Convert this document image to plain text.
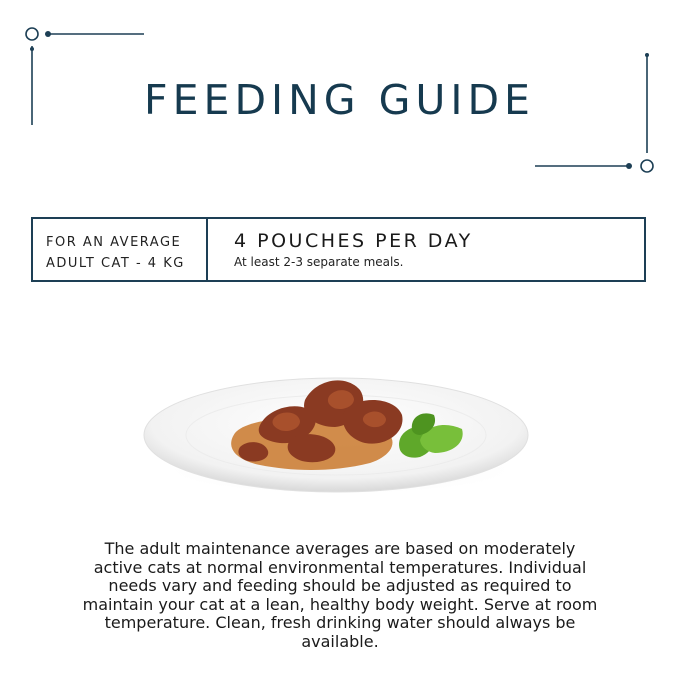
FEEDING GUIDE
FOR AN AVERAGE
ADULT CAT - 4 KG
4 POUCHES PER DAY
At least 2-3 separate meals.
The adult maintenance averages are based on moderately active cats at normal environmental temperatures. Individual needs vary and feeding should be adjusted as required to maintain your cat at a lean, healthy body weight. Serve at room temperature. Clean, fresh drinking water should always be available.
